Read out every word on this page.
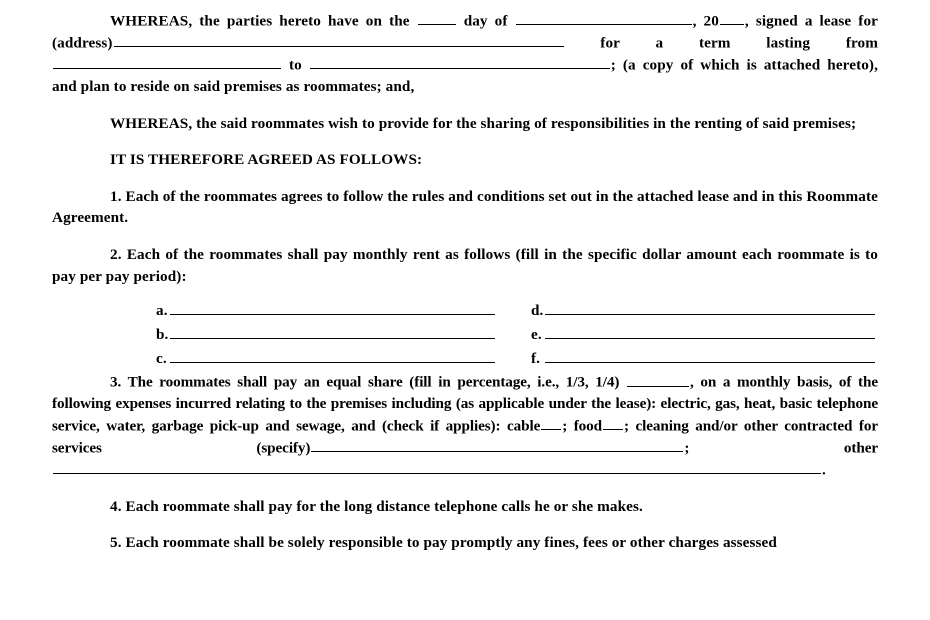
WHEREAS, the parties hereto have on the	day of	, 20 , signed a lease for (address)	for a term lasting from  to	; (a copy of which is attached hereto), and plan to reside on said premises as roommates; and,

WHEREAS, the said roommates wish to provide for the sharing of responsibilities in the renting of said premises;

IT IS THEREFORE AGREED AS FOLLOWS:

1. Each of the roommates agrees to follow the rules and conditions set out in the attached lease and in this Roommate Agreement.

2. Each of the roommates shall pay monthly rent as follows (fill in the specific dollar amount each roommate is to pay per pay period):

a.	d.
b.	e.
c.	f.

3. The roommates shall pay an equal share (fill in percentage, i.e., 1/3, 1/4)	, on a monthly basis, of the following expenses incurred relating to the premises including (as applicable under the lease): electric, gas, heat, basic telephone service, water, garbage pick-up and sewage, and (check if applies): cable ; food ; cleaning and/or other contracted for services (specify)	; other.

4. Each roommate shall pay for the long distance telephone calls he or she makes.

5. Each roommate shall be solely responsible to pay promptly any fines, fees or other charges assessed
